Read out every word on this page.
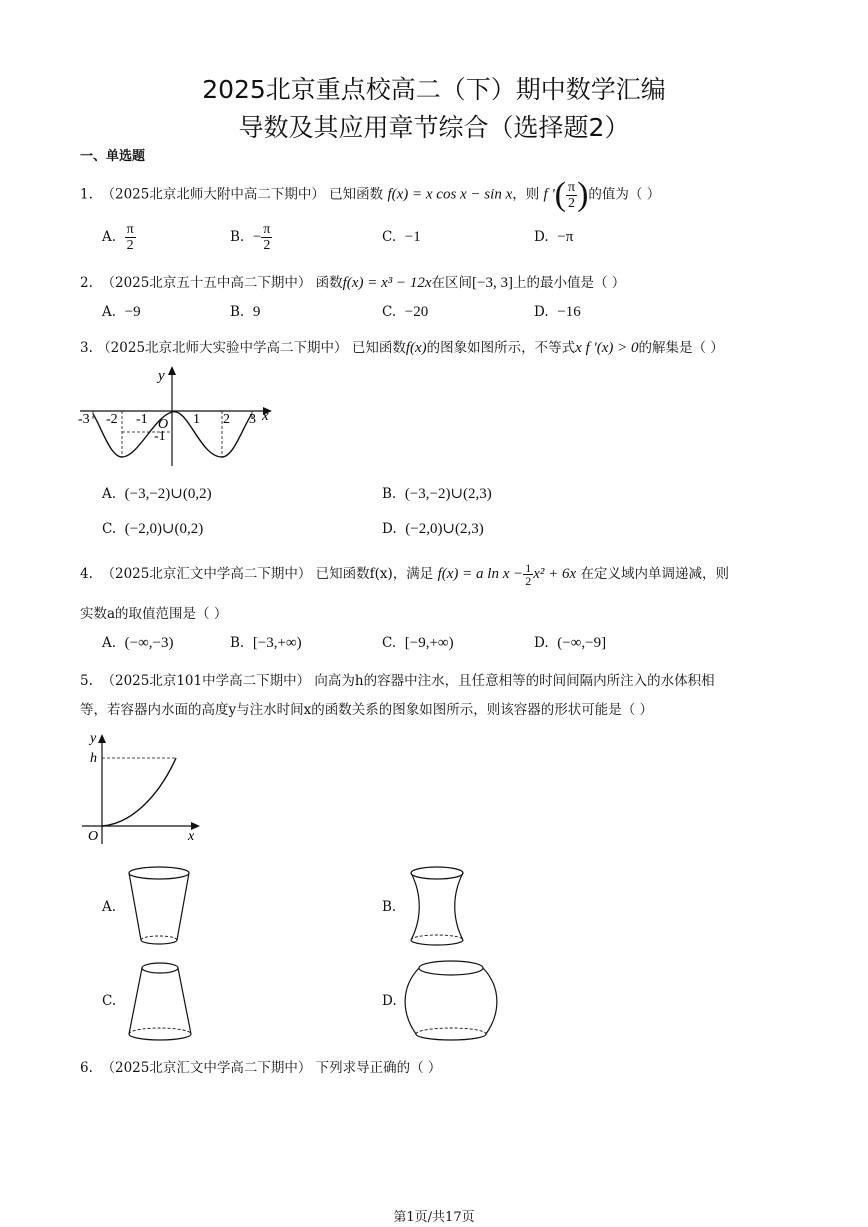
2025北京重点校高二（下）期中数学汇编
导数及其应用章节综合（选择题2）
一、单选题
1. （2025北京北师大附中高二下期中） 已知函数 f(x) = x cos x − sin x，则 f '( $\frac{\pi}{2}$ )的值为（ ）
A. $\frac{\pi}{2}$	B. − $\frac{\pi}{2}$	C. −1	D. −π
2. （2025北京五十五中高二下期中） 函数f(x) = x³ − 12x在区间[−3, 3]上的最小值是（ ）
A. −9	B. 9	C. −20	D. −16
3. （2025北京北师大实验中学高二下期中） 已知函数f(x)的图象如图所示，不等式x f '(x) > 0的解集是（ ）
y
x
O
-3 -2 -1	1 2 3
-1
A. (−3,−2)∪(0,2)	B. (−3,−2)∪(2,3)
C. (−2,0)∪(0,2)	D. (−2,0)∪(2,3)
4. （2025北京汇文中学高二下期中） 已知函数f(x)，满足 f(x) = a $\ln x - \frac{1}{2} x^2 + 6x$ 在定义域内单调递减，则
实数a的取值范围是（ ）
A. (−∞,−3)	B. [−3,+∞)	C. [−9,+∞)	D. (−∞,−9]
5. （2025北京101中学高二下期中） 向高为h的容器中注水，且任意相等的时间间隔内所注入的水体积相
等，若容器内水面的高度y与注水时间x的函数关系的图象如图所示，则该容器的形状可能是（ ）
y
x
O
h
A.	B.
C.	D.
6. （2025北京汇文中学高二下期中） 下列求导正确的（ ）
第1页/共17页
